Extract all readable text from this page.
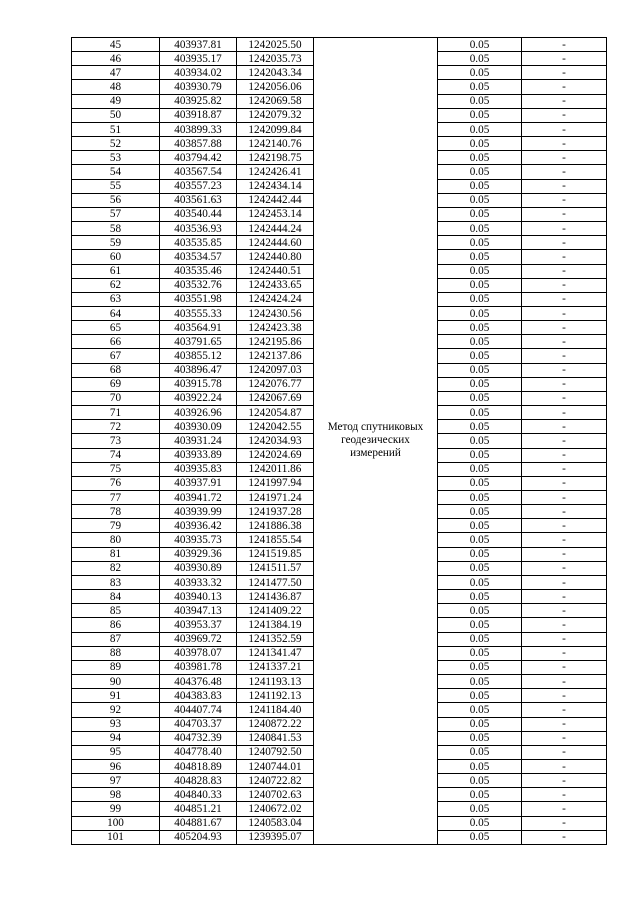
45	403937.81	1242025.50	Метод спутниковых геодезических измерений	0.05	-
46	403935.17	1242035.73		0.05	-
47	403934.02	1242043.34		0.05	-
48	403930.79	1242056.06		0.05	-
49	403925.82	1242069.58		0.05	-
50	403918.87	1242079.32		0.05	-
51	403899.33	1242099.84		0.05	-
52	403857.88	1242140.76		0.05	-
53	403794.42	1242198.75		0.05	-
54	403567.54	1242426.41		0.05	-
55	403557.23	1242434.14		0.05	-
56	403561.63	1242442.44		0.05	-
57	403540.44	1242453.14		0.05	-
58	403536.93	1242444.24		0.05	-
59	403535.85	1242444.60		0.05	-
60	403534.57	1242440.80		0.05	-
61	403535.46	1242440.51		0.05	-
62	403532.76	1242433.65		0.05	-
63	403551.98	1242424.24		0.05	-
64	403555.33	1242430.56		0.05	-
65	403564.91	1242423.38		0.05	-
66	403791.65	1242195.86		0.05	-
67	403855.12	1242137.86		0.05	-
68	403896.47	1242097.03		0.05	-
69	403915.78	1242076.77		0.05	-
70	403922.24	1242067.69		0.05	-
71	403926.96	1242054.87		0.05	-
72	403930.09	1242042.55		0.05	-
73	403931.24	1242034.93		0.05	-
74	403933.89	1242024.69		0.05	-
75	403935.83	1242011.86		0.05	-
76	403937.91	1241997.94		0.05	-
77	403941.72	1241971.24		0.05	-
78	403939.99	1241937.28		0.05	-
79	403936.42	1241886.38		0.05	-
80	403935.73	1241855.54		0.05	-
81	403929.36	1241519.85		0.05	-
82	403930.89	1241511.57		0.05	-
83	403933.32	1241477.50		0.05	-
84	403940.13	1241436.87		0.05	-
85	403947.13	1241409.22		0.05	-
86	403953.37	1241384.19		0.05	-
87	403969.72	1241352.59		0.05	-
88	403978.07	1241341.47		0.05	-
89	403981.78	1241337.21		0.05	-
90	404376.48	1241193.13		0.05	-
91	404383.83	1241192.13		0.05	-
92	404407.74	1241184.40		0.05	-
93	404703.37	1240872.22		0.05	-
94	404732.39	1240841.53		0.05	-
95	404778.40	1240792.50		0.05	-
96	404818.89	1240744.01		0.05	-
97	404828.83	1240722.82		0.05	-
98	404840.33	1240702.63		0.05	-
99	404851.21	1240672.02		0.05	-
100	404881.67	1240583.04		0.05	-
101	405204.93	1239395.07		0.05	-
